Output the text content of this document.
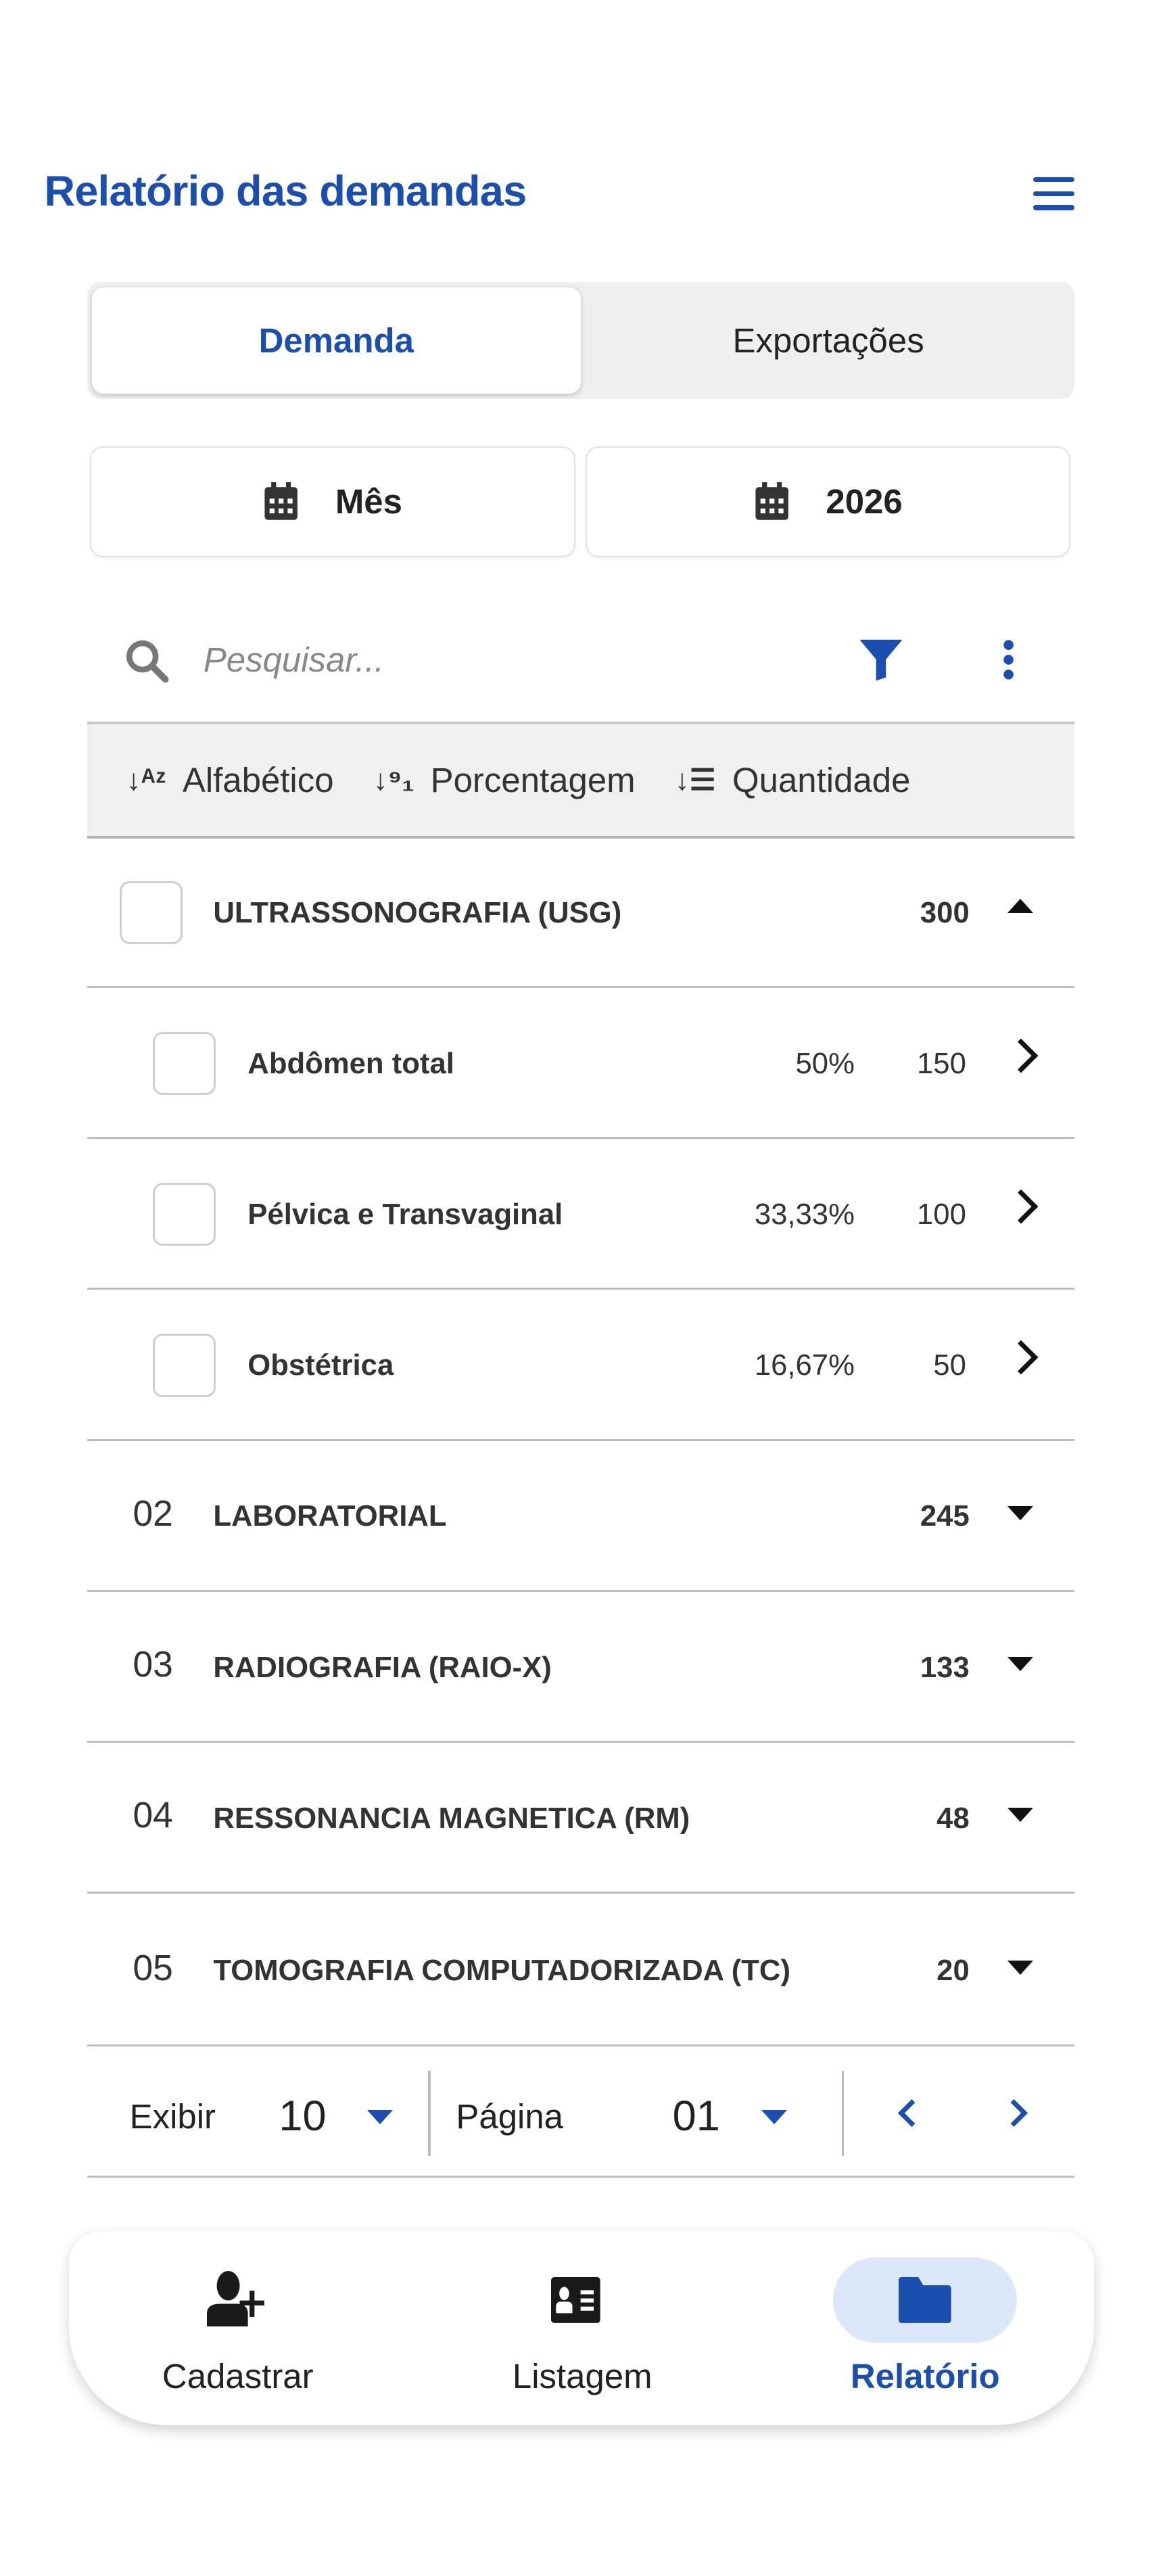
Relatório das demandas
Demanda	Exportações
Mês	2026
Pesquisar...
↓ᴬᶻ Alfabético	↓⁹₁ Porcentagem	↓☰ Quantidade
ULTRASSONOGRAFIA (USG)	300
Abdômen total	50%	150
Pélvica e Transvaginal	33,33%	100
Obstétrica	16,67%	50
02	LABORATORIAL	245
03	RADIOGRAFIA (RAIO-X)	133
04	RESSONANCIA MAGNETICA (RM)	48
05	TOMOGRAFIA COMPUTADORIZADA (TC)	20
Exibir	10	Página	01
Cadastrar	Listagem	Relatório
